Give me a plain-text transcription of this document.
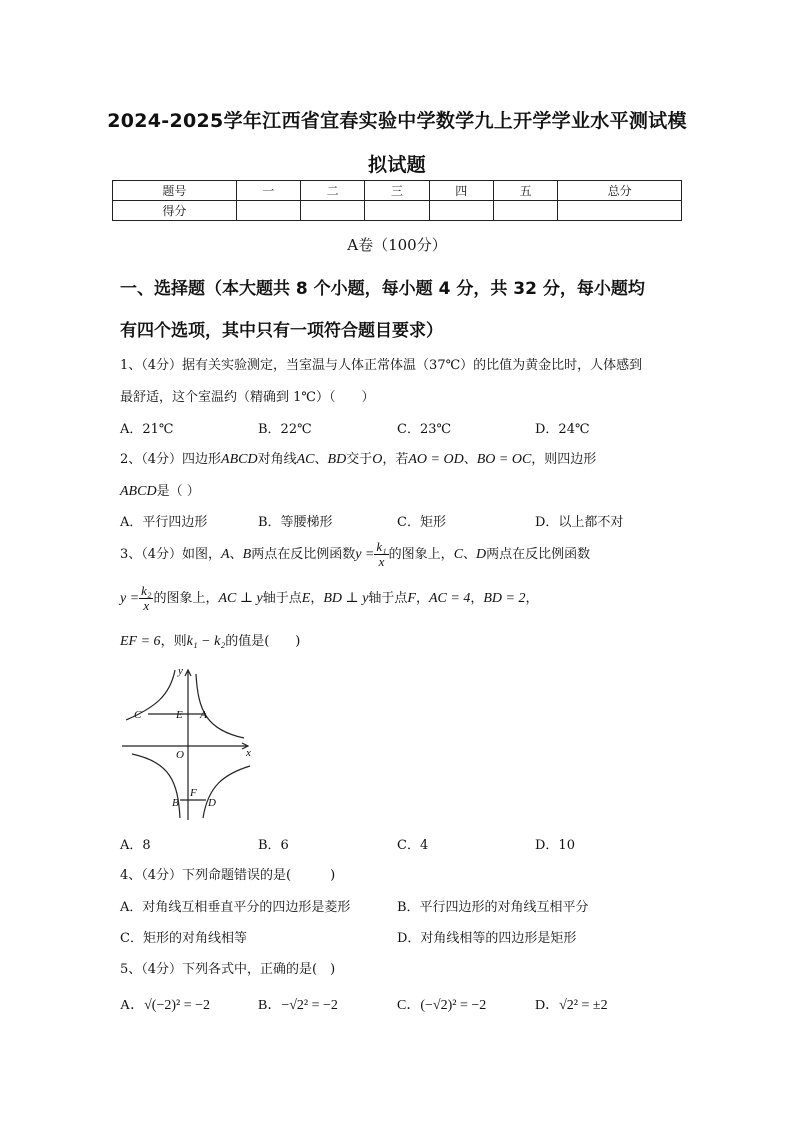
2024-2025学年江西省宜春实验中学数学九上开学学业水平测试模
拟试题
题号	一	二	三	四	五	总分
得分						
A卷（100分）
一、选择题（本大题共 8 个小题，每小题 4 分，共 32 分，每小题均
有四个选项，其中只有一项符合题目要求）
1、（4分）据有关实验测定，当室温与人体正常体温（37℃）的比值为黄金比时，人体感到
最舒适，这个室温约（精确到 1℃）（　　）
A．21℃	B．22℃	C．23℃	D．24℃
2、（4分）四边形ABCD对角线AC、BD交于O，若AO = OD、BO = OC，则四边形
ABCD是（ ）
A．平行四边形	B．等腰梯形	C．矩形	D．以上都不对
3、（4分）如图，A、B两点在反比例函数$y = \frac{\text{k₁}}{x}$ 的图象上，C、D两点在反比例函数
$y = \frac{\text{k₂}}{x}$ 的图象上，AC ⊥ y轴于点E，BD ⊥ y轴于点F，AC = 4，BD = 2，
EF = 6，则k₁ − k₂的值是(　　)
y
x
O
C	E A
B
F
D
A．8	B．6	C．4	D．10
4、（4分）下列命题错误的是(　　　)
A．对角线互相垂直平分的四边形是菱形	B．平行四边形的对角线互相平分
C．矩形的对角线相等	D．对角线相等的四边形是矩形
5、（4分）下列各式中，正确的是(　)
A．√(−2)² = −2	B．−√2² = −2	C．(−√2)² = −2	D．√2² = ±2
